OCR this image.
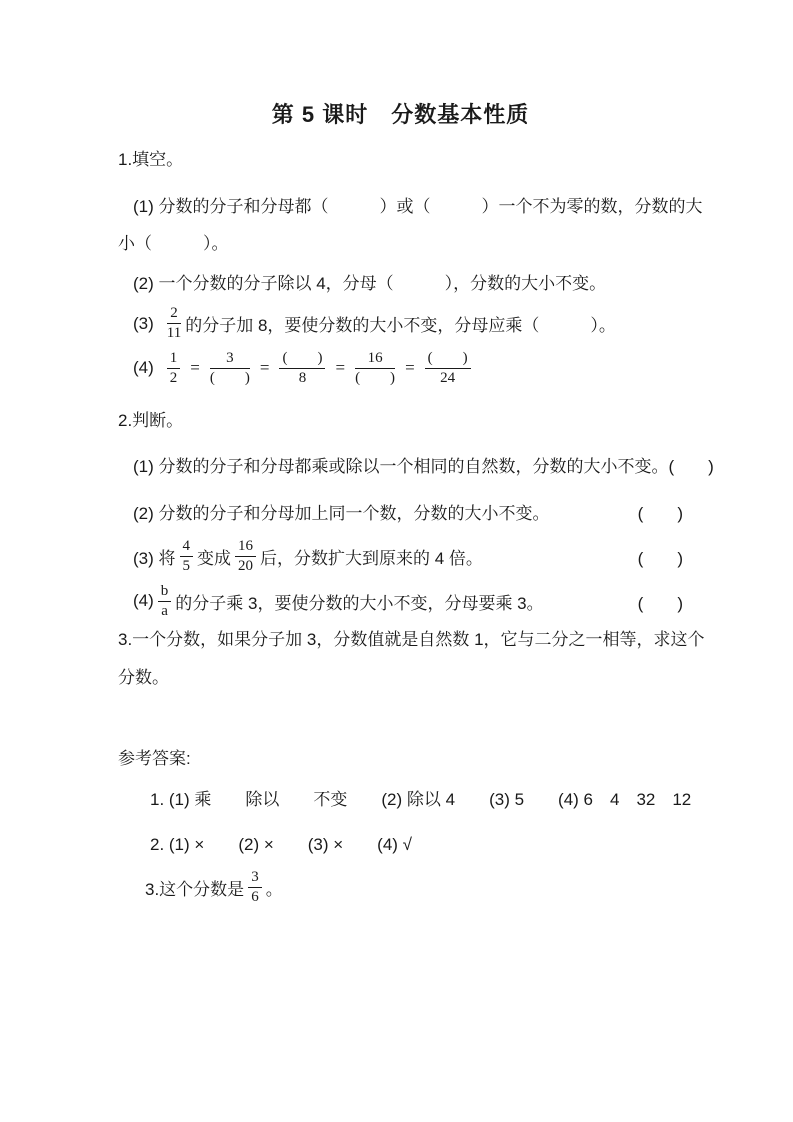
第 5 课时　分数基本性质

1.填空。

(1) 分数的分子和分母都（　　　）或（　　　）一个不为零的数，分数的大

小（　　　）。

(2) 一个分数的分子除以 4，分母（　　　），分数的大小不变。

$(3) \frac{2}{11}$ 的分子加 8，要使分数的大小不变，分母应乘（　　　）。
$(4) \frac{1}{2} = \frac{3}{( )} = \frac{( )}{8} = \frac{16}{( )} = \frac{( )}{24}$

2.判断。

(1) 分数的分子和分母都乘或除以一个相同的自然数，分数的大小不变。 (　　)
(2) 分数的分子和分母加上同一个数，分数的大小不变。	(　　)
(3) 将 $\frac{4}{5}$ 变成 $\frac{16}{20}$ 后，分数扩大到原来的 4 倍。	(　　)
$(4) \frac{b}{a}$ 的分子乘 3，要使分数的大小不变，分母要乘 3。	(　　)

3.一个分数，如果分子加 3，分数值就是自然数 1，它与二分之一相等，求这个

分数。

参考答案:

1. (1) 乘　　除以　　不变　　(2) 除以 4　　(3) 5　　(4) 6　4　32　12

2. (1) ×　　(2) ×　　(3) ×　　(4) √

3.这个分数是 $\frac{3}{6}$ 。
